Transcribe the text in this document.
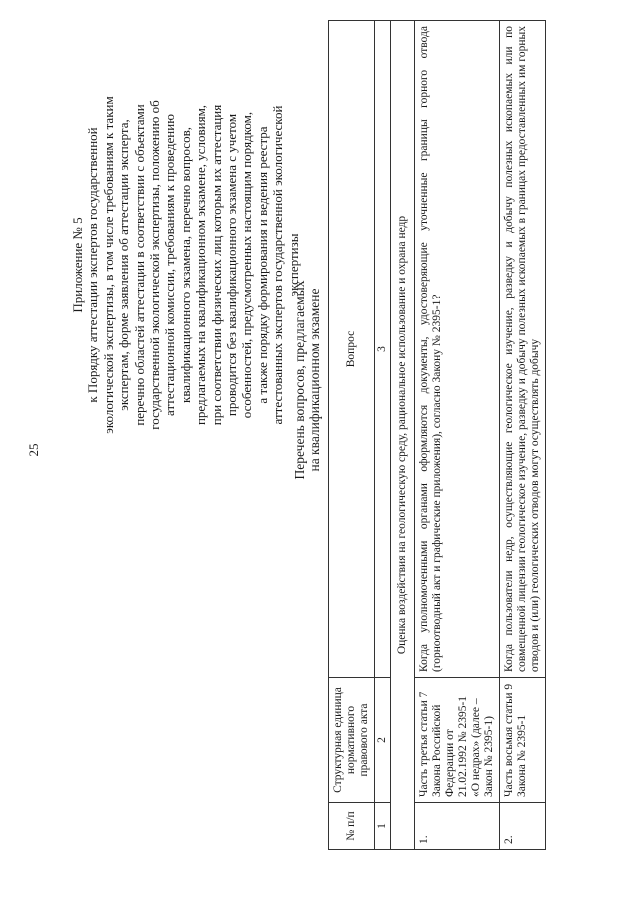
25
Приложение № 5 к Порядку аттестации экспертов государственной экологической экспертизы, в том числе требованиям к таким экспертам, форме заявления об аттестации эксперта, перечню областей аттестации в соответствии с объектами государственной экологической экспертизы, положению об аттестационной комиссии, требованиям к проведению квалификационного экзамена, перечню вопросов, предлагаемых на квалификационном экзамене, условиям, при соответствии физических лиц которым их аттестация проводится без квалификационного экзамена с учетом особенностей, предусмотренных настоящим порядком, а также порядку формирования и ведения реестра аттестованных экспертов государственной экологической экспертизы
Перечень вопросов, предлагаемых на квалификационном экзамене
№ п/п	Структурная единица нормативного правового акта	Вопрос
1	2	3
Оценка воздействия на геологическую среду, рациональное использование и охрана недр		
1.	Часть третья статьи 7 Закона Российской Федерации от 21.02.1992 № 2395-1 «О недрах» (далее – Закон № 2395-1)	Когда уполномоченными органами оформляются документы, удостоверяющие уточненные границы горного отвода (горноотводный акт и графические приложения), согласно Закону № 2395-1?
2.	Часть восьмая статьи 9 Закона № 2395-1	Когда пользователи недр, осуществляющие геологическое изучение, разведку и добычу полезных ископаемых или по совмещенной лицензии геологическое изучение, разведку и добычу полезных ископаемых в границах предоставленных им горных отводов и (или) геологических отводов могут осуществлять добычу
